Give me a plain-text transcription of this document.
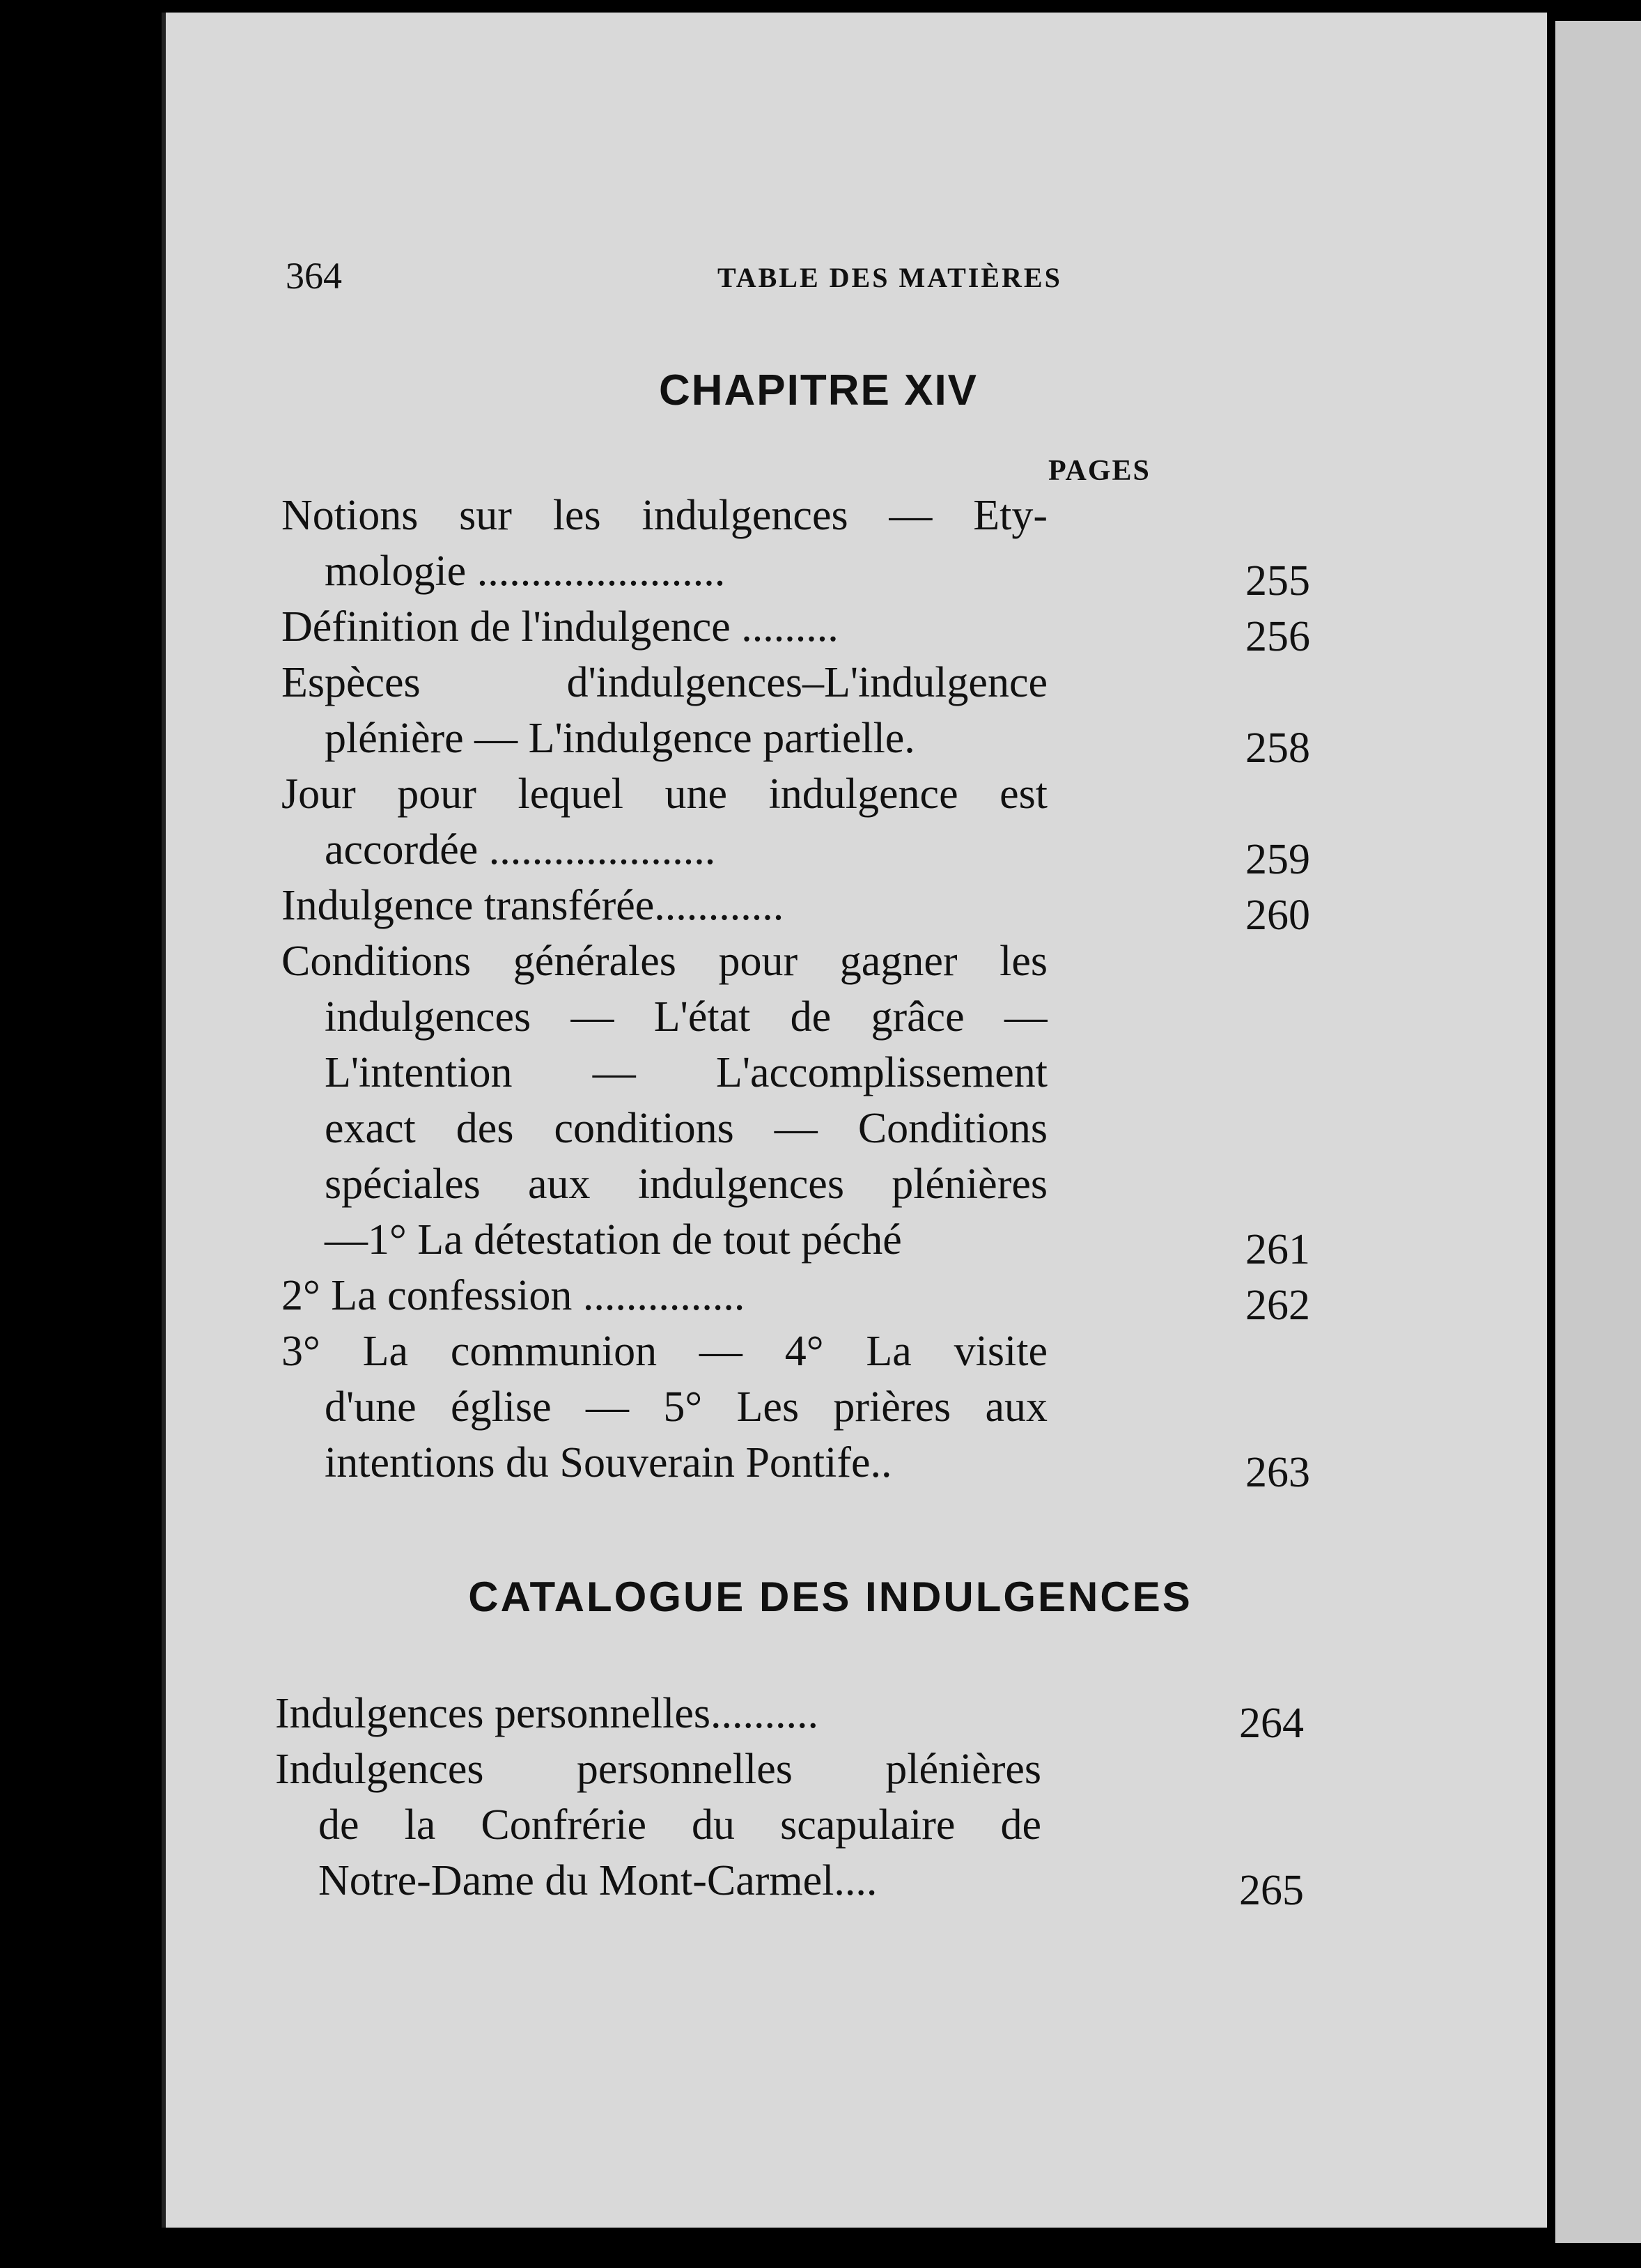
364	TABLE DES MATIÈRES
CHAPITRE XIV
PAGES
Notions sur les indulgences — Ety-
mologie .......................	255
Définition de l'indulgence .........	256
Espèces d'indulgences–L'indulgence
plénière — L'indulgence partielle.	258
Jour pour lequel une indulgence est
accordée .....................	259
Indulgence transférée............	260
Conditions générales pour gagner les
indulgences — L'état de grâce —
L'intention — L'accomplissement
exact des conditions — Conditions
spéciales aux indulgences plénières
—1° La détestation de tout péché	261
2° La confession ...............	262
3° La communion — 4° La visite
d'une église — 5° Les prières aux
intentions du Souverain Pontife..	263
CATALOGUE DES INDULGENCES
Indulgences personnelles..........	264
Indulgences personnelles plénières
de la Confrérie du scapulaire de
Notre-Dame du Mont-Carmel....	265
